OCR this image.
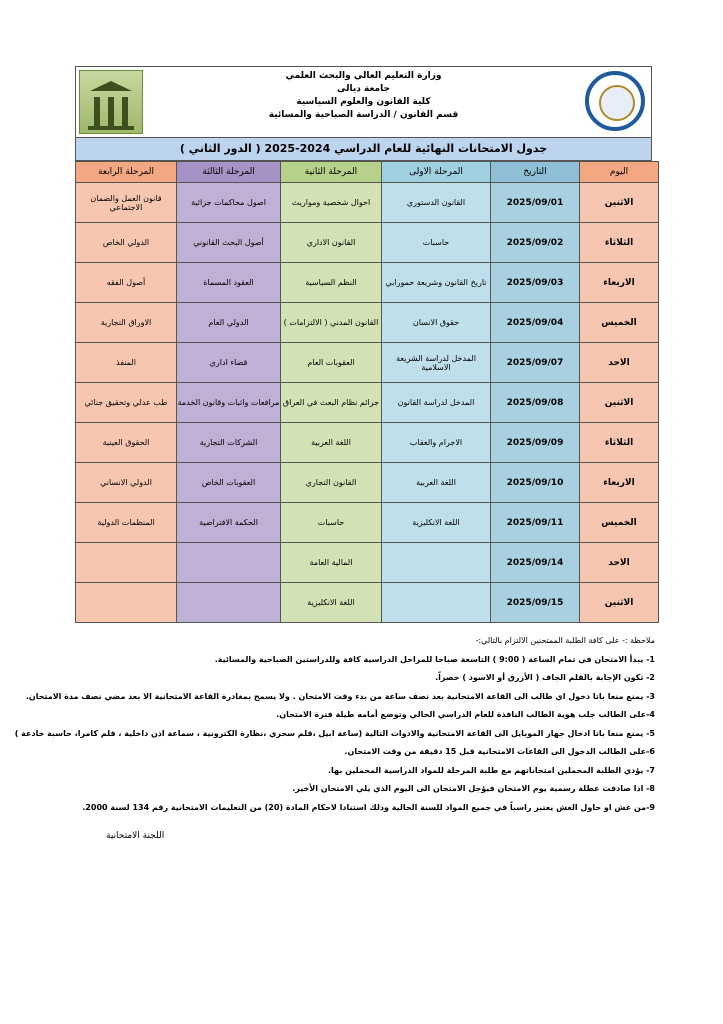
وزارة التعليم العالي والبحث العلمي
جامعة ديالى
كلية القانون والعلوم السياسية
قسم القانون / الدراسة الصباحية والمسائية
جدول الامتحانات النهائية للعام الدراسي 2024-2025 ( الدور الثاني )
اليوم	التاريخ	المرحلة الاولى	المرحلة الثانية	المرحلة الثالثة	المرحلة الرابعة
الاثنين	2025/09/01	القانون الدستوري	احوال شخصية ومواريث	اصول محاكمات جزائية	قانون العمل والضمان الاجتماعي
الثلاثاء	2025/09/02	حاسبات	القانون الاداري	أصول البحث القانوني	الدولي الخاص
الاربعاء	2025/09/03	تاريخ القانون وشريعة حمورابي	النظم السياسية	العقود المسماة	أصول الفقه
الخميس	2025/09/04	حقوق الانسان	القانون المدني ( الالتزامات )	الدولي العام	الاوراق التجارية
الاحد	2025/09/07	المدخل لدراسة الشريعة الاسلامية	العقوبات العام	قضاء اداري	المنفذ
الاثنين	2025/09/08	المدخل لدراسة القانون	جرائم نظام البعث في العراق	مرافعات واثبات وقانون الخدمة	طب عدلي وتحقيق جنائي
الثلاثاء	2025/09/09	الاجرام والعقاب	اللغة العربية	الشركات التجارية	الحقوق العينية
الاربعاء	2025/09/10	اللغة العربية	القانون التجاري	العقوبات الخاص	الدولي الانساني
الخميس	2025/09/11	اللغة الانكليزية	حاسبات	الحكمة الافتراضية	المنظمات الدولية
الاحد	2025/09/14		المالية العامة		
الاثنين	2025/09/15		اللغة الانكليزية		
ملاحظة :- على كافة الطلبة الممتحنين الالتزام بالتالي:-
1- يبدأ الامتحان في تمام الساعة ( 9:00 ) التاسعة صباحا للمراحل الدراسية كافة وللدراستين الصباحية والمسائية.
2- تكون الإجابة بالقلم الجاف ( الأزرق أو الاسود ) حصراً.
3- يمنع منعا باتا دخول اي طالب الى القاعة الامتحانية بعد نصف ساعة من بدء وقت الامتحان . ولا يسمح بمغادرة القاعة الامتحانية الا بعد مضي نصف مدة الامتحان.
4-على الطالب جلب هوية الطالب النافذة للعام الدراسي الحالي وتوضع أمامه طيلة فترة الامتحان.
5- يمنع منعا باتا ادخال جهاز الموبايل الى القاعة الامتحانية والادوات التالية (ساعة ابيل ،قلم سحري ،نظارة الكترونية ، سماعة اذن داخلية ، قلم كامرا، حاسبة خادعة )
6-على الطالب الدخول الى القاعات الامتحانية قبل 15 دقيقة من وقت الامتحان.
7- يؤدي الطلبة المحملين امتحاناتهم مع طلبة المرحلة للمواد الدراسية المحملين بها.
8- اذا صادفت عطلة رسمية يوم الامتحان فيؤجل الامتحان الى اليوم الذي يلي الامتحان الأخير.
9-من غش او حاول الغش يعتبر راسباً في جميع المواد للسنة الحالية وذلك استنادا لاحكام المادة (20) من التعليمات الامتحانية رقم 134 لسنة 2000.
اللجنة الامتحانية
